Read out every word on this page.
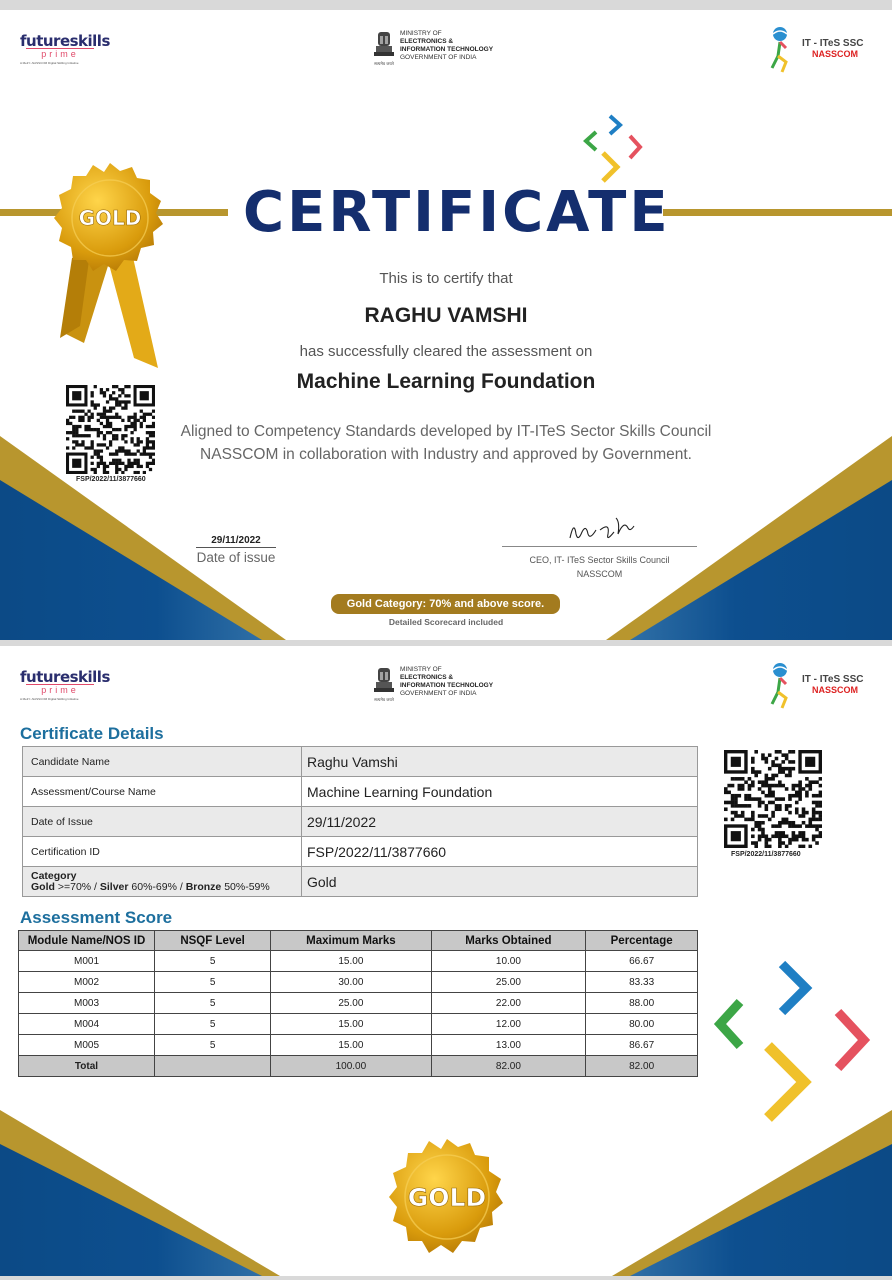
futureskills
prime
A MeitY–NASSCOM Digital Skilling Initiative	सत्यमेव जयते
MINISTRY OF
ELECTRONICS &
INFORMATION TECHNOLOGY
GOVERNMENT OF INDIA
IT - ITeS SSC
NASSCOM
GOLD CERTIFICATE
This is to certify that
RAGHU VAMSHI
has successfully cleared the assessment on
Machine Learning Foundation
Aligned to Competency Standards developed by IT-ITeS Sector Skills Council
NASSCOM in collaboration with Industry and approved by Government.
FSP/2022/11/3877660
29/11/2022
Date of issue	CEO, IT- ITeS Sector Skills Council
NASSCOM
Gold Category: 70% and above score.
Detailed Scorecard included
futureskills
prime
A MeitY–NASSCOM Digital Skilling Initiative	सत्यमेव जयते
MINISTRY OF
ELECTRONICS &
INFORMATION TECHNOLOGY
GOVERNMENT OF INDIA
IT - ITeS SSC
NASSCOM
Certificate Details
Candidate Name	Raghu Vamshi
Assessment/Course Name	Machine Learning Foundation
Date of Issue	29/11/2022
Certification ID	FSP/2022/11/3877660
Category
Gold >=70% / Silver 60%-69% / Bronze 50%-59%	Gold
FSP/2022/11/3877660
Assessment Score
Module Name/NOS ID	NSQF Level	Maximum Marks	Marks Obtained	Percentage
M001	5	15.00	10.00	66.67
M002	5	30.00	25.00	83.33
M003	5	25.00	22.00	88.00
M004	5	15.00	12.00	80.00
M005	5	15.00	13.00	86.67
Total		100.00	82.00	82.00
GOLD
